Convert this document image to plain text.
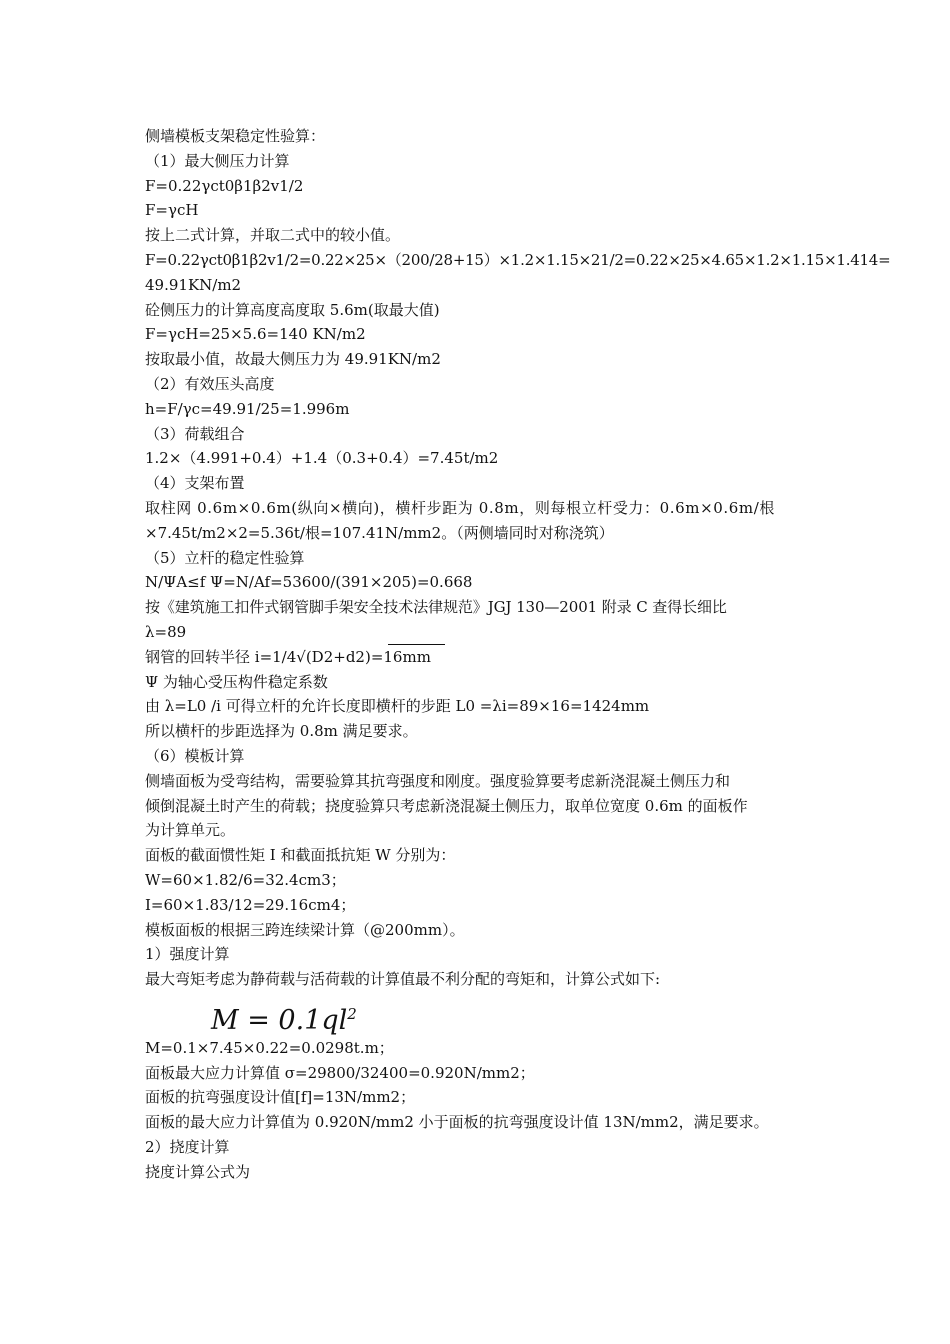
侧墙模板支架稳定性验算：
（1）最大侧压力计算
F=0.22γct0β1β2v1/2
F=γcH
按上二式计算，并取二式中的较小值。
F=0.22γct0β1β2v1/2=0.22×25×（200/28+15）×1.2×1.15×21/2=0.22×25×4.65×1.2×1.15×1.414=
49.91KN/m2
砼侧压力的计算高度高度取 5.6m(取最大值)
F=γcH=25×5.6=140 KN/m2
按取最小值，故最大侧压力为 49.91KN/m2
（2）有效压头高度
h=F/γc=49.91/25=1.996m
（3）荷载组合
1.2×（4.991+0.4）+1.4（0.3+0.4）=7.45t/m2
（4）支架布置
取柱网 0.6m×0.6m(纵向×横向)，横杆步距为 0.8m，则每根立杆受力：0.6m×0.6m/根
×7.45t/m2×2=5.36t/根=107.41N/mm2。（两侧墙同时对称浇筑）
（5）立杆的稳定性验算
N/ΨA≤f Ψ=N/Af=53600/(391×205)=0.668
按《建筑施工扣件式钢管脚手架安全技术法律规范》JGJ 130—2001 附录 C 查得长细比
λ=89
钢管的回转半径 i=1/4√(D2+d2)=16mm
Ψ 为轴心受压构件稳定系数
由 λ=L0 /i 可得立杆的允许长度即横杆的步距 L0 =λi=89×16=1424mm
所以横杆的步距选择为 0.8m 满足要求。
（6）模板计算
侧墙面板为受弯结构，需要验算其抗弯强度和刚度。强度验算要考虑新浇混凝土侧压力和
倾倒混凝土时产生的荷载；挠度验算只考虑新浇混凝土侧压力，取单位宽度 0.6m 的面板作
为计算单元。
面板的截面惯性矩 I 和截面抵抗矩 W 分别为：
W=60×1.82/6=32.4cm3；
I=60×1.83/12=29.16cm4；
模板面板的根据三跨连续梁计算（@200mm）。
1）强度计算
最大弯矩考虑为静荷载与活荷载的计算值最不利分配的弯矩和，计算公式如下:
$M = 0.1ql^2$
M=0.1×7.45×0.22=0.0298t.m；
面板最大应力计算值 σ=29800/32400=0.920N/mm2；
面板的抗弯强度设计值[f]=13N/mm2；
面板的最大应力计算值为 0.920N/mm2 小于面板的抗弯强度设计值 13N/mm2，满足要求。
2）挠度计算
挠度计算公式为
